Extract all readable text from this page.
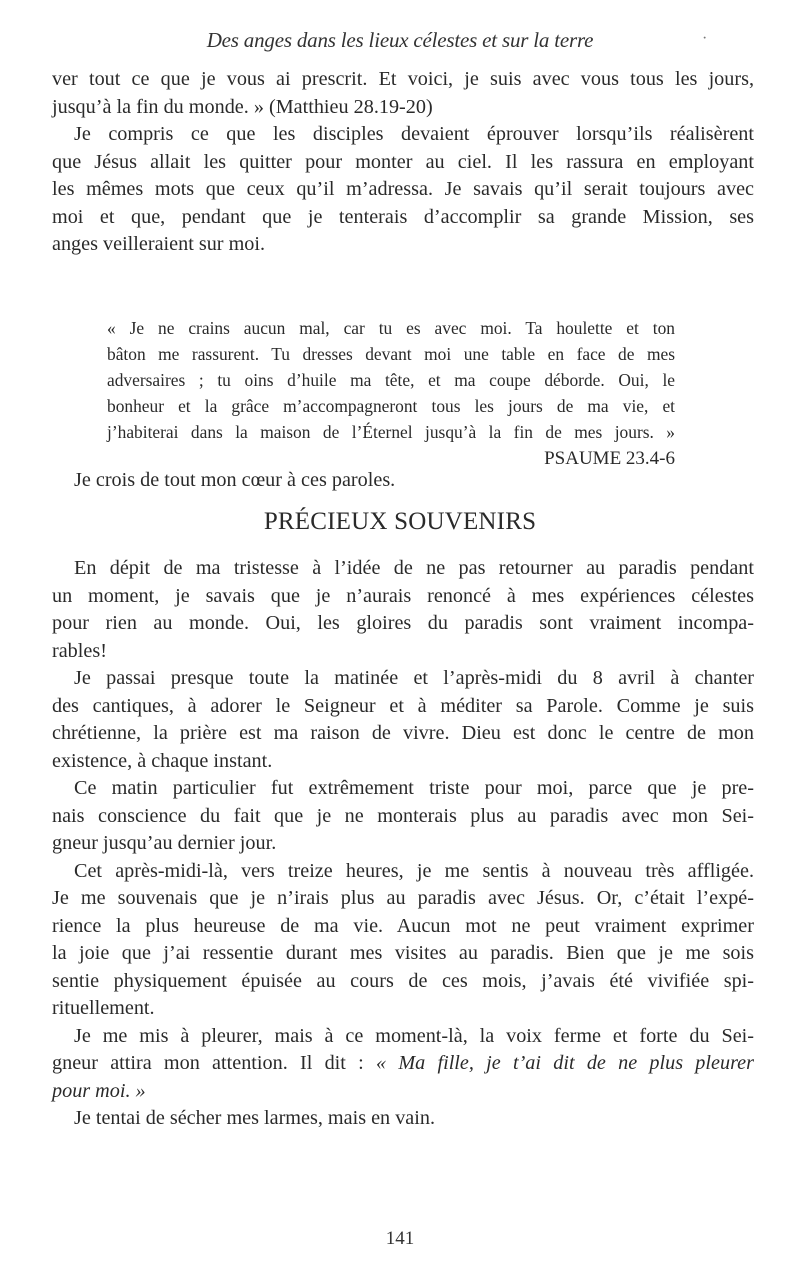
Des anges dans les lieux célestes et sur la terre	·
ver tout ce que je vous ai prescrit. Et voici, je suis avec vous tous les jours,
jusqu’à la fin du monde. » (Matthieu 28.19-20)
Je compris ce que les disciples devaient éprouver lorsqu’ils réalisèrent
que Jésus allait les quitter pour monter au ciel. Il les rassura en employant
les mêmes mots que ceux qu’il m’adressa. Je savais qu’il serait toujours avec
moi et que, pendant que je tenterais d’accomplir sa grande Mission, ses
anges veilleraient sur moi.
« Je ne crains aucun mal, car tu es avec moi. Ta houlette et ton
bâton me rassurent. Tu dresses devant moi une table en face de mes
adversaires ; tu oins d’huile ma tête, et ma coupe déborde. Oui, le
bonheur et la grâce m’accompagneront tous les jours de ma vie, et
j’habiterai dans la maison de l’Éternel jusqu’à la fin de mes jours. »
PSAUME 23.4-6
Je crois de tout mon cœur à ces paroles.
PRÉCIEUX SOUVENIRS
En dépit de ma tristesse à l’idée de ne pas retourner au paradis pendant
un moment, je savais que je n’aurais renoncé à mes expériences célestes
pour rien au monde. Oui, les gloires du paradis sont vraiment incompa-
rables!
Je passai presque toute la matinée et l’après-midi du 8 avril à chanter
des cantiques, à adorer le Seigneur et à méditer sa Parole. Comme je suis
chrétienne, la prière est ma raison de vivre. Dieu est donc le centre de mon
existence, à chaque instant.
Ce matin particulier fut extrêmement triste pour moi, parce que je pre-
nais conscience du fait que je ne monterais plus au paradis avec mon Sei-
gneur jusqu’au dernier jour.
Cet après-midi-là, vers treize heures, je me sentis à nouveau très affligée.
Je me souvenais que je n’irais plus au paradis avec Jésus. Or, c’était l’expé-
rience la plus heureuse de ma vie. Aucun mot ne peut vraiment exprimer
la joie que j’ai ressentie durant mes visites au paradis. Bien que je me sois
sentie physiquement épuisée au cours de ces mois, j’avais été vivifiée spi-
rituellement.
Je me mis à pleurer, mais à ce moment-là, la voix ferme et forte du Sei-
gneur attira mon attention. Il dit : « Ma fille, je t’ai dit de ne plus pleurer
pour moi. »
Je tentai de sécher mes larmes, mais en vain.
141
